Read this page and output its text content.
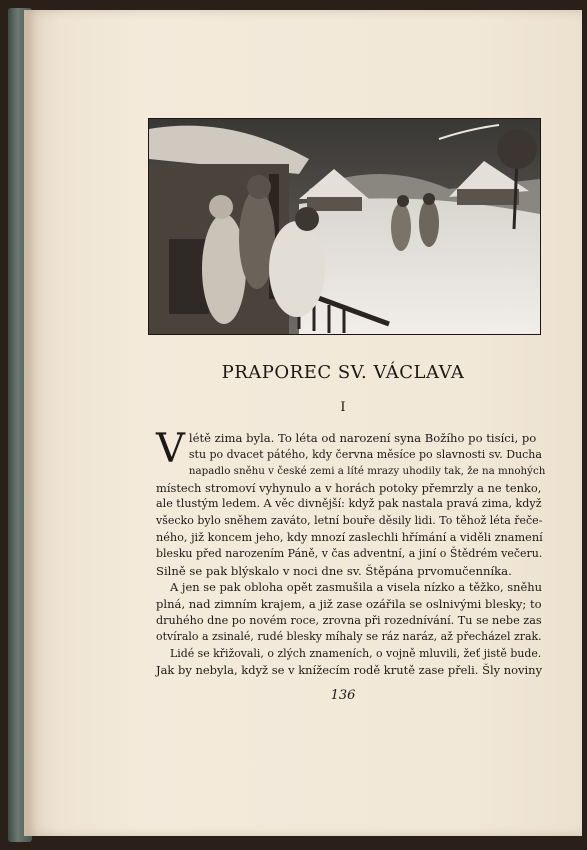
PRAPOREC SV. VÁCLAVA
I
V létě zima byla. To léta od narození syna Božího po tisíci, po
stu po dvacet pátého, kdy červnа měsíce po slavnosti sv. Ducha
napadlo sněhu v české zemi a líté mrazy uhodily tak, že na mnohých
místech stromoví vyhynulo a v horách potoky přemrzly a ne tenko,
ale tlustým ledem. A věc divnější: když pak nastala pravá zima, když
všecko bylo sněhem zaváto, letní bouře děsily lidi. To těhož léta řeče-
ného, již koncem jeho, kdy mnozí zaslechli hřímání a viděli znamení
blesku před narozením Páně, v čas adventní, a jiní o Štědrém večeru.
Silně se pak blýskalo v noci dne sv. Štěpána prvomučenníka.
A jen se pak obloha opět zasmušila a visela nízko a těžko, sněhu
plná, nad zimním krajem, a již zase ozářila se oslnivými blesky; to
druhého dne po novém roce, zrovna při rozednívání. Tu se nebe zas
otvíralo a zsinalé, rudé blesky míhaly se ráz naráz, až přecházel zrak.
Lidé se křižovali, o zlých znameních, o vojně mluvili, žeť jistě bude.
Jak by nebyla, když se v knížecím rodě krutě zase přeli. Šly noviny
136
